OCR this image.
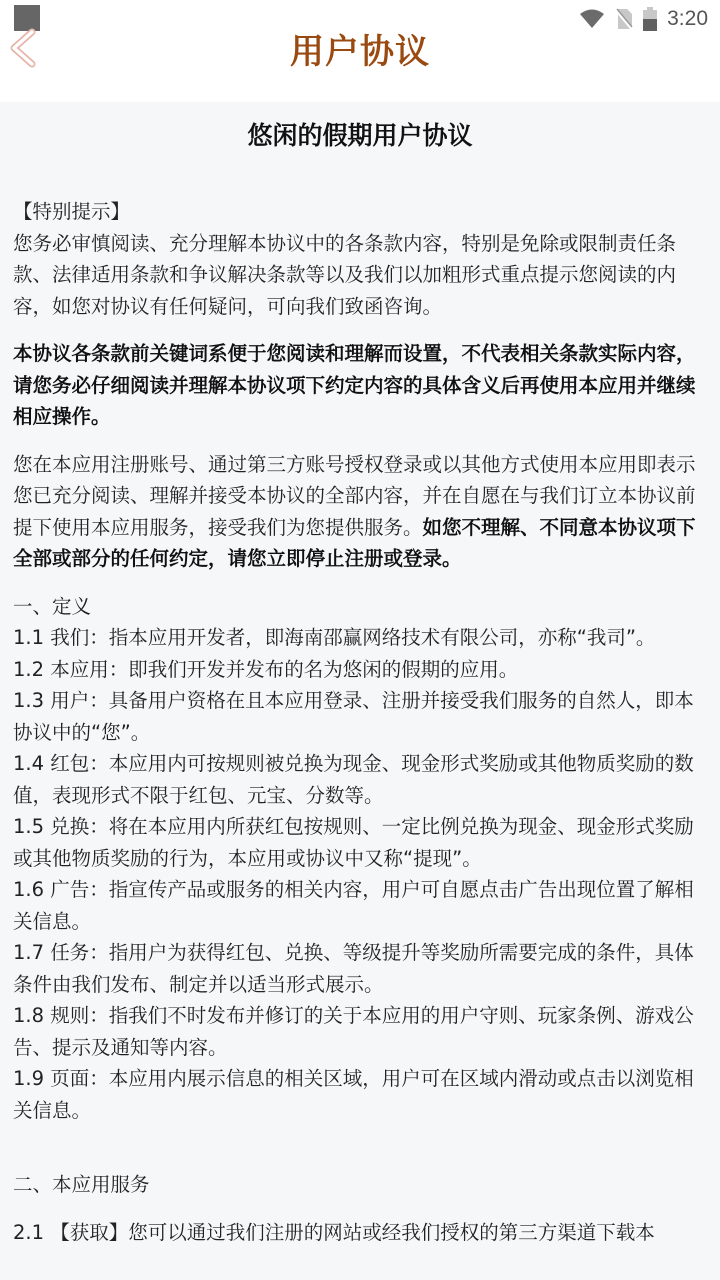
3:20
用户协议
悠闲的假期用户协议

【特别提示】

您务必审慎阅读、充分理解本协议中的各条款内容，特别是免除或限制责任条款、法律适用条款和争议解决条款等以及我们以加粗形式重点提示您阅读的内容，如您对协议有任何疑问，可向我们致函咨询。

本协议各条款前关键词系便于您阅读和理解而设置，不代表相关条款实际内容，请您务必仔细阅读并理解本协议项下约定内容的具体含义后再使用本应用并继续相应操作。

您在本应用注册账号、通过第三方账号授权登录或以其他方式使用本应用即表示您已充分阅读、理解并接受本协议的全部内容，并在自愿在与我们订立本协议前提下使用本应用服务，接受我们为您提供服务。如您不理解、不同意本协议项下全部或部分的任何约定，请您立即停止注册或登录。

一、定义

1.1 我们：指本应用开发者，即海南邵赢网络技术有限公司，亦称“我司”。

1.2 本应用：即我们开发并发布的名为悠闲的假期的应用。

1.3 用户：具备用户资格在且本应用登录、注册并接受我们服务的自然人，即本协议中的“您”。

1.4 红包：本应用内可按规则被兑换为现金、现金形式奖励或其他物质奖励的数值，表现形式不限于红包、元宝、分数等。

1.5 兑换：将在本应用内所获红包按规则、一定比例兑换为现金、现金形式奖励或其他物质奖励的行为，本应用或协议中又称“提现”。

1.6 广告：指宣传产品或服务的相关内容，用户可自愿点击广告出现位置了解相关信息。

1.7 任务：指用户为获得红包、兑换、等级提升等奖励所需要完成的条件，具体条件由我们发布、制定并以适当形式展示。

1.8 规则：指我们不时发布并修订的关于本应用的用户守则、玩家条例、游戏公告、提示及通知等内容。

1.9 页面：本应用内展示信息的相关区域，用户可在区域内滑动或点击以浏览相关信息。

二、本应用服务

2.1 【获取】您可以通过我们注册的网站或经我们授权的第三方渠道下载本
